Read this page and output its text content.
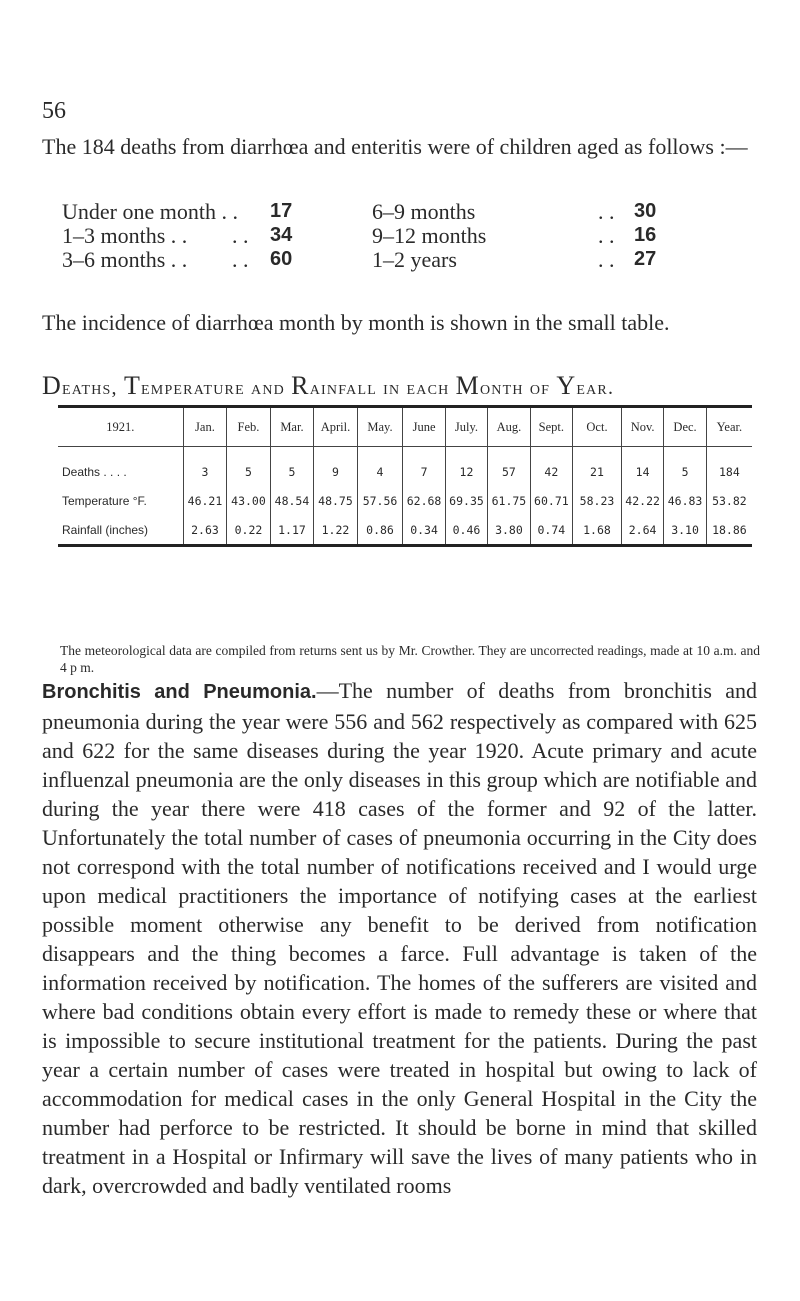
56
The 184 deaths from diarrhœa and enteritis were of children aged as follows :—
Under one month . . 17
1–3 months . . . . 34
3–6 months . . . . 60
6–9 months	. . 30
9–12 months	. . 16
1–2 years	. . 27
The incidence of diarrhœa month by month is shown in the small table.
Deaths, Temperature and Rainfall in each Month of Year.
1921.	Jan.	Feb.	Mar.	April.	May.	June	July.	Aug.	Sept.	Oct.	Nov.	Dec.	Year.
Deaths . . . .	3	5	5	9	4	7	12	57	42	21	14	5	184
Temperature °F.	46.21	43.00	48.54	48.75	57.56	62.68	69.35	61.75	60.71	58.23	42.22	46.83	53.82
Rainfall (inches)	2.63	0.22	1.17	1.22	0.86	0.34	0.46	3.80	0.74	1.68	2.64	3.10	18.86
The meteorological data are compiled from returns sent us by Mr. Crowther. They are uncorrected readings, made at 10 a.m. and 4 p m.
Bronchitis and Pneumonia.—The number of deaths from bronchitis and pneumonia during the year were 556 and 562 respectively as compared with 625 and 622 for the same diseases during the year 1920. Acute primary and acute influenzal pneumonia are the only diseases in this group which are notifiable and during the year there were 418 cases of the former and 92 of the latter. Unfortunately the total number of cases of pneumonia occurring in the City does not correspond with the total number of notifications received and I would urge upon medical practitioners the importance of notifying cases at the earliest possible moment otherwise any benefit to be derived from notification disappears and the thing becomes a farce. Full advantage is taken of the information received by notification. The homes of the sufferers are visited and where bad conditions obtain every effort is made to remedy these or where that is impossible to secure institutional treatment for the patients. During the past year a certain number of cases were treated in hospital but owing to lack of accommodation for medical cases in the only General Hospital in the City the number had perforce to be restricted. It should be borne in mind that skilled treatment in a Hospital or Infirmary will save the lives of many patients who in dark, overcrowded and badly ventilated rooms
